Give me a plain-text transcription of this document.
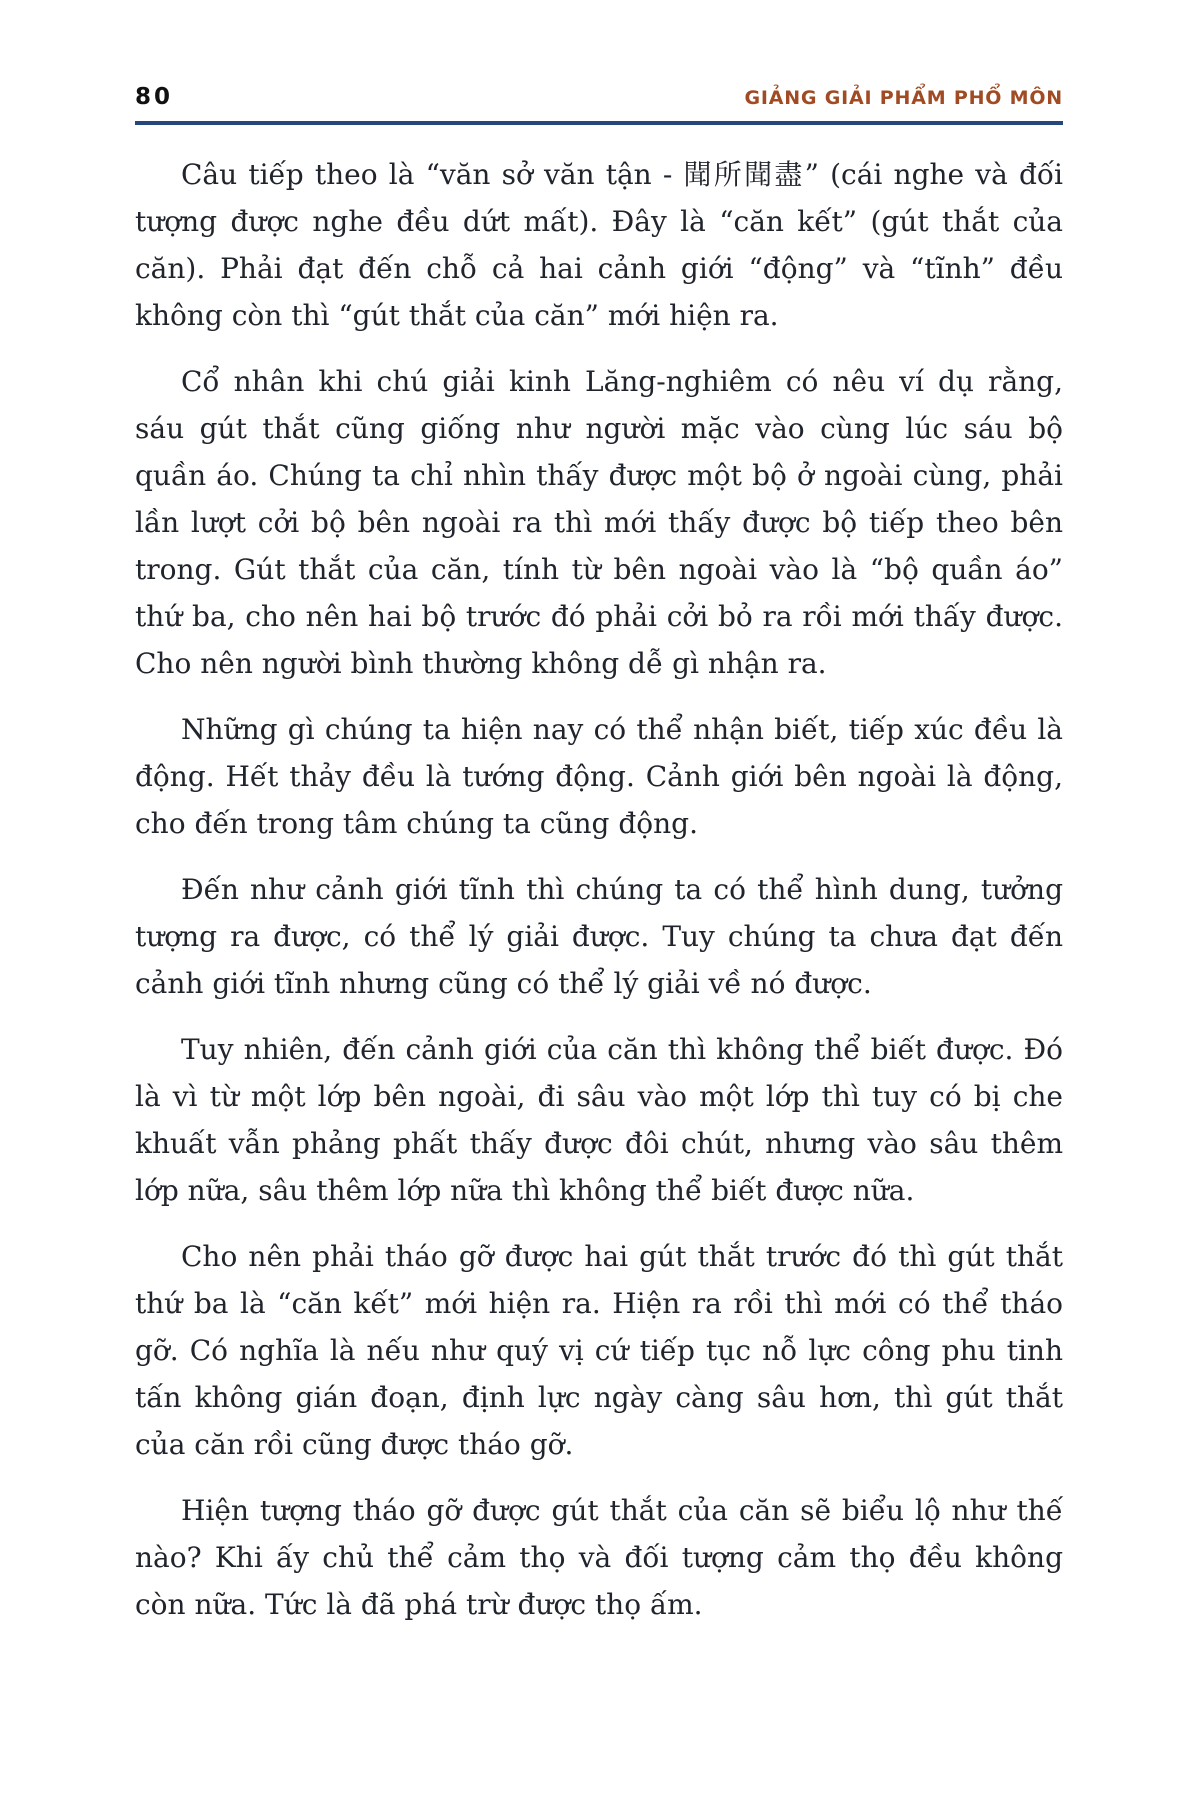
80	GIẢNG GIẢI PHẨM PHỔ MÔN

Câu tiếp theo là “văn sở văn tận - 聞所聞盡” (cái nghe và đối tượng được nghe đều dứt mất). Đây là “căn kết” (gút thắt của căn). Phải đạt đến chỗ cả hai cảnh giới “động” và “tĩnh” đều không còn thì “gút thắt của căn” mới hiện ra.

Cổ nhân khi chú giải kinh Lăng-nghiêm có nêu ví dụ rằng, sáu gút thắt cũng giống như người mặc vào cùng lúc sáu bộ quần áo. Chúng ta chỉ nhìn thấy được một bộ ở ngoài cùng, phải lần lượt cởi bộ bên ngoài ra thì mới thấy được bộ tiếp theo bên trong. Gút thắt của căn, tính từ bên ngoài vào là “bộ quần áo” thứ ba, cho nên hai bộ trước đó phải cởi bỏ ra rồi mới thấy được. Cho nên người bình thường không dễ gì nhận ra.

Những gì chúng ta hiện nay có thể nhận biết, tiếp xúc đều là động. Hết thảy đều là tướng động. Cảnh giới bên ngoài là động, cho đến trong tâm chúng ta cũng động.

Đến như cảnh giới tĩnh thì chúng ta có thể hình dung, tưởng tượng ra được, có thể lý giải được. Tuy chúng ta chưa đạt đến cảnh giới tĩnh nhưng cũng có thể lý giải về nó được.

Tuy nhiên, đến cảnh giới của căn thì không thể biết được. Đó là vì từ một lớp bên ngoài, đi sâu vào một lớp thì tuy có bị che khuất vẫn phảng phất thấy được đôi chút, nhưng vào sâu thêm lớp nữa, sâu thêm lớp nữa thì không thể biết được nữa.

Cho nên phải tháo gỡ được hai gút thắt trước đó thì gút thắt thứ ba là “căn kết” mới hiện ra. Hiện ra rồi thì mới có thể tháo gỡ. Có nghĩa là nếu như quý vị cứ tiếp tục nỗ lực công phu tinh tấn không gián đoạn, định lực ngày càng sâu hơn, thì gút thắt của căn rồi cũng được tháo gỡ.

Hiện tượng tháo gỡ được gút thắt của căn sẽ biểu lộ như thế nào? Khi ấy chủ thể cảm thọ và đối tượng cảm thọ đều không còn nữa. Tức là đã phá trừ được thọ ấm.
